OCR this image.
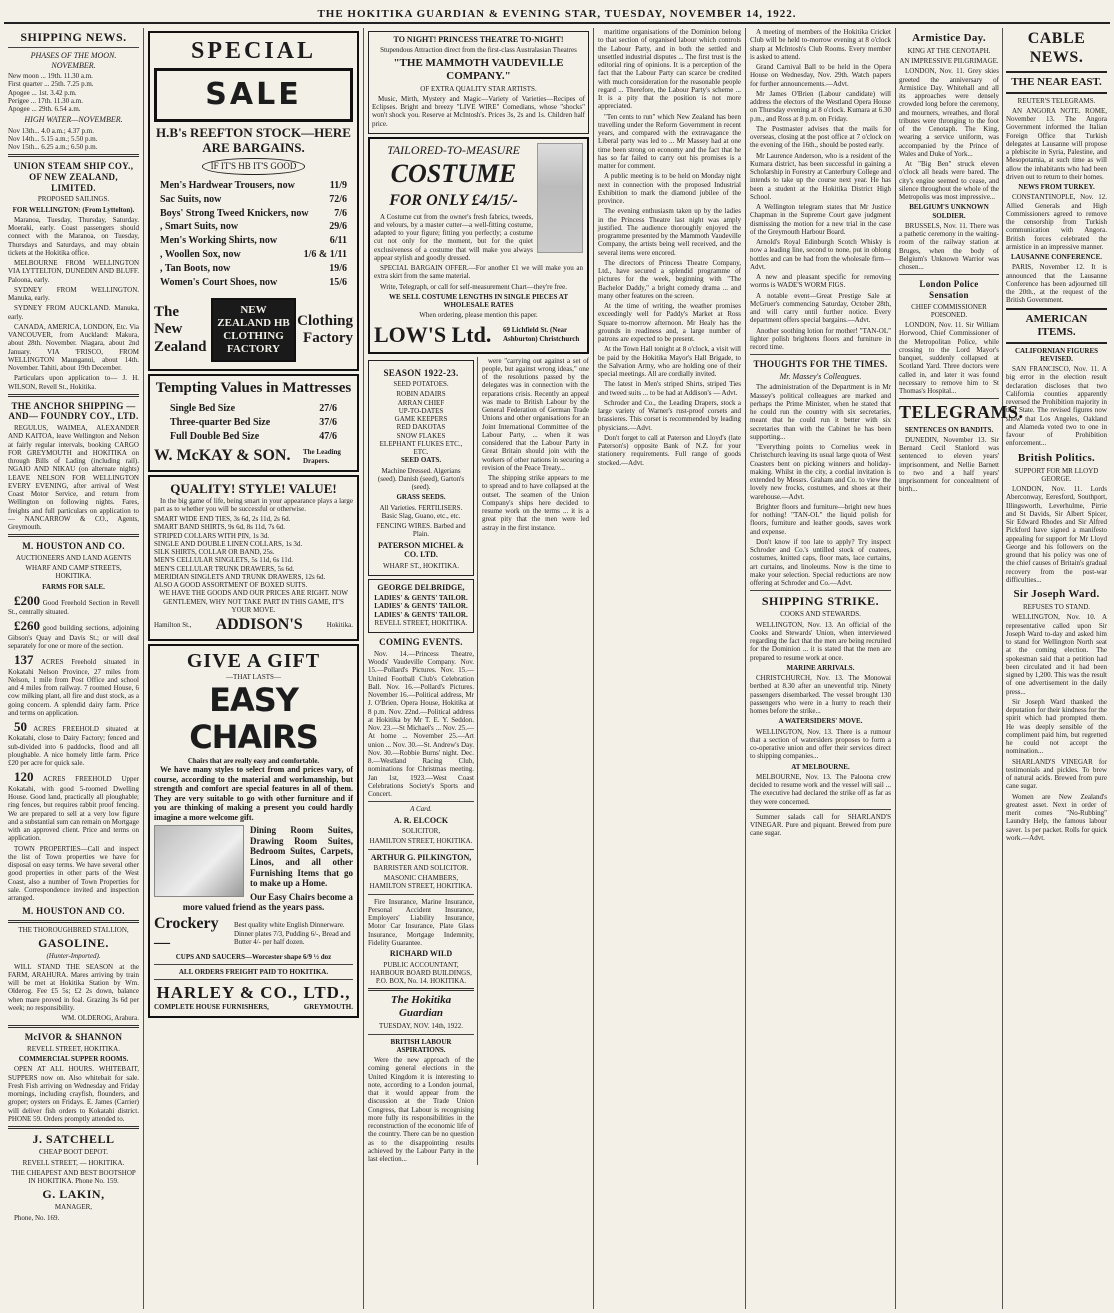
THE HOKITIKA GUARDIAN & EVENING STAR, TUESDAY, NOVEMBER 14, 1922.
SHIPPING NEWS.
PHASES OF THE MOON. NOVEMBER.
New moon ... 19th. 11.30 a.m.
First quarter ... 25th. 7.25 p.m.
Apogee ... 1st. 3.42 p.m.
Perigee ... 17th. 11.30 a.m.
Apogee ... 29th. 6.54 a.m.
HIGH WATER—NOVEMBER.
Nov 13th... 4.0 a.m.; 4.37 p.m.
Nov 14th... 5.15 a.m.; 5.50 p.m.
Nov 15th... 6.25 a.m.; 6.50 p.m.
UNION STEAM SHIP COY., OF NEW ZEALAND, LIMITED.

PROPOSED SAILINGS.

FOR WELLINGTON: (From Lyttelton).

Maranoa, Tuesday, Thursday, Saturday. Moeraki, early. Coast passengers should connect with the Maranoa, on Tuesday, Thursdays and Saturdays, and may obtain tickets at the Hokitika office.

MELBOURNE FROM WELLINGTON VIA LYTTELTON, DUNEDIN AND BLUFF. Paloona, early.

SYDNEY FROM WELLINGTON. Manuka, early.

SYDNEY FROM AUCKLAND. Manuka, early.

CANADA, AMERICA, LONDON, Etc. Via VANCOUVER, from Auckland: Makura, about 28th. November. Niagara, about 2nd January. VIA 'FRISCO, FROM WELLINGTON Maunganui, about 14th. November. Tahiti, about 19th December.

Particulars upon application to— J. H. WILSON, Revell St., Hokitika.

THE ANCHOR SHIPPING —AND— FOUNDRY COY., LTD.

REGULUS, WAIMEA, ALEXANDER AND KAITOA, leave Wellington and Nelson at fairly regular intervals, booking CARGO FOR GREYMOUTH and HOKITIKA on through Bills of Lading (including rail). NGAIO AND NIKAU (on alternate nights) LEAVE NELSON FOR WELLINGTON EVERY EVENING, after arrival of West Coast Motor Service, and return from Wellington on following nights. Fares, freights and full particulars on application to— NANCARROW & CO., Agents, Greymouth.

M. HOUSTON AND CO.

AUCTIONEERS AND LAND AGENTS

WHARF AND CAMP STREETS, HOKITIKA.

FARMS FOR SALE.

£200 Good Freehold Section in Revell St., centrally situated.

£260 good building sections, adjoining Gibson's Quay and Davis St.; or will deal separately for one or more of the section.

137 ACRES Freehold situated in Kokatahi Nelson Province, 27 miles from Nelson, 1 mile from Post Office and school and 4 miles from railway. 7 roomed House, 6 cow milking plant, all fire and dust stock, as a going concern. A splendid dairy farm. Price and terms on application.

50 ACRES FREEHOLD situated at Kokatahi, close to Dairy Factory; fenced and sub-divided into 6 paddocks, flood and all ploughable. A nice homely little farm. Price £20 per acre for quick sale.

120 ACRES FREEHOLD Upper Kokatahi, with good 5-roomed Dwelling House. Good land, practically all ploughable; ring fences, but requires rabbit proof fencing. We are prepared to sell at a very low figure and a substantial sum can remain on Mortgage with an approved client. Price and terms on application.

TOWN PROPERTIES—Call and inspect the list of Town properties we have for disposal on easy terms. We have several other good properties in other parts of the West Coast, also a number of Town Properties for sale. Correspondence invited and inspection arranged.

M. HOUSTON AND CO.

THE THOROUGHBRED STALLION,

GASOLINE.

(Hunter-Imported).

WILL STAND THE SEASON at the FARM, ARAHURA. Mares arriving by train will be met at Hokitika Station by Wm. Olderog. Fee £5 5s; £2 2s down, balance when mare proved in foal. Grazing 3s 6d per week; no responsibility.

WM. OLDEROG, Arahura.

McIVOR & SHANNON

REVELL STREET, HOKITIKA.

COMMERCIAL SUPPER ROOMS.

OPEN AT ALL HOURS. WHITEBAIT, SUPPERS now on. Also whitebait for sale. Fresh Fish arriving on Wednesday and Friday mornings, including crayfish, flounders, and groper; oysters on Fridays. E. James (Carrier) will deliver fish orders to Kokatahi district. PHONE 59. Orders promptly attended to.

J. SATCHELL

CHEAP BOOT DEPOT.

REVELL STREET, — HOKITIKA.

THE CHEAPEST AND BEST BOOTSHOP IN HOKITIKA. Phone No. 159.

G. LAKIN,

MANAGER,

Phone, No. 169.

SPECIAL
SALE
H.B's REEFTON STOCK—HERE ARE BARGAINS.
IF IT'S HB IT'S GOOD
Men's Hardwear Trousers, now	11/9
Sac Suits, now	72/6
Boys' Strong Tweed Knickers, now	7/6
, Smart Suits, now	29/6
Men's Working Shirts, now	6/11
, Woollen Sox, now	1/6 & 1/11
, Tan Boots, now	19/6
Women's Court Shoes, now	15/6
The New Zealand
NEW ZEALAND HB CLOTHING FACTORY
Clothing Factory
Tempting Values in Mattresses
Single Bed Size	27/6
Three-quarter Bed Size	37/6
Full Double Bed Size	47/6
W. McKAY & SON. The Leading Drapers.
QUALITY! STYLE! VALUE!

In the big game of life, being smart in your appearance plays a large part as to whether you will be successful or otherwise.

SMART WIDE END TIES, 3s 6d, 2s 11d, 2s 6d.
SMART BAND SHIRTS, 9s 6d, 8s 11d, 7s 6d.
STRIPED COLLARS WITH PIN, 1s 3d.
SINGLE AND DOUBLE LINEN COLLARS, 1s 3d.
SILK SHIRTS, COLLAR OR BAND, 25s.
MEN'S CELLULAR SINGLETS, 5s 11d, 6s 11d.
MEN'S CELLULAR TRUNK DRAWERS, 5s 6d.
MERIDIAN SINGLETS AND TRUNK DRAWERS, 12s 6d.
ALSO A GOOD ASSORTMENT OF BOXED SUITS.

WE HAVE THE GOODS AND OUR PRICES ARE RIGHT. NOW GENTLEMEN, WHY NOT TAKE PART IN THIS GAME, IT'S YOUR MOVE.

Hamilton St., ADDISON'S	Hokitika.
GIVE A GIFT
—THAT LASTS—
EASY CHAIRS
Chairs that are really easy and comfortable.

We have many styles to select from and prices vary, of course, according to the material and workmanship, but strength and comfort are special features in all of them. They are very suitable to go with other furniture and if you are thinking of making a present you could hardly imagine a more welcome gift.

Dining Room Suites, Drawing Room Suites, Bedroom Suites, Carpets, Linos, and all other Furnishing Items that go to make up a Home.

Our Easy Chairs become a more valued friend as the years pass.

Crockery—
Best quality white English Dinnerware. Dinner plates 7/3, Pudding 6/-, Bread and Butter 4/- per half dozen.

CUPS AND SAUCERS—Worcester shape 6/9 ½ doz

ALL ORDERS FREIGHT PAID TO HOKITIKA.

HARLEY & CO., LTD.,
COMPLETE HOUSE FURNISHERS,	GREYMOUTH.

TO NIGHT! PRINCESS THEATRE TO-NIGHT!

Stupendous Attraction direct from the first-class Australasian Theatres

"THE MAMMOTH VAUDEVILLE COMPANY."

OF EXTRA QUALITY STAR ARTISTS.

Music, Mirth, Mystery and Magic—Variety of Varieties—Recipes of Eclipses. Bright and breezy "LIVE WIRE" Comedians, whose "shocks" won't shock you. Reserve at McIntosh's. Prices 3s, 2s and 1s. Children half price.

TAILORED-TO-MEASURE

COSTUME

FOR ONLY £4/15/-

A Costume cut from the owner's fresh fabrics, tweeds, and velours, by a master cutter—a well-fitting costume, adapted to your figure; fitting you perfectly; a costume cut not only for the moment, but for the quiet exclusiveness of a costume that will make you always appear stylish and goodly dressed.

SPECIAL BARGAIN OFFER.—For another £1 we will make you an extra skirt from the same material.

Write, Telegraph, or call for self-measurement Chart—they're free.

WE SELL COSTUME LENGTHS IN SINGLE PIECES AT WHOLESALE RATES

When ordering, please mention this paper.

LOW'S Ltd. 69 Lichfield St. (Near Ashburton) Christchurch
SEASON 1922-23.

SEED POTATOES.

ROBIN ADAIRS
ARRAN CHIEF
UP-TO-DATES
GAME KEEPERS
RED DAKOTAS
SNOW FLAKES
ELEPHANT FLUKES ETC., ETC.

SEED OATS.

Machine Dressed. Algerians (seed). Danish (seed), Garton's (seed).

GRASS SEEDS.

All Varieties. FERTILISERS. Basic Slag, Guano, etc., etc.

FENCING WIRES. Barbed and Plain.

PATERSON MICHEL & CO. LTD.

WHARF ST., HOKITIKA.

GEORGE DELBRIDGE,

LADIES' & GENTS' TAILOR.
LADIES' & GENTS' TAILOR.
LADIES' & GENTS' TAILOR.

REVELL STREET, HOKITIKA.

COMING EVENTS.

Nov. 14.—Princess Theatre, Woods' Vaudeville Company. Nov. 15.—Pollard's Pictures. Nov. 15.—United Football Club's Celebration Ball. Nov. 16.—Pollard's Pictures. November 16.—Political address, Mr J. O'Brien. Opera House, Hokitika at 8 p.m. Nov. 22nd.—Political address at Hokitika by Mr T. E. Y. Seddon. Nov. 23.—St Michael's ... Nov. 25.—At home ... November 25.—Art union ... Nov. 30.—St. Andrew's Day. Nov. 30.—Robbie Burns' night. Dec. 8.—Westland Racing Club, nominations for Christmas meeting. Jan 1st, 1923.—West Coast Celebrations Society's Sports and Concert.

A Card.

A. R. ELCOCK

SOLICITOR,

HAMILTON STREET, HOKITIKA.

ARTHUR G. PILKINGTON,

BARRISTER AND SOLICITOR.

MASONIC CHAMBERS, HAMILTON STREET, HOKITIKA.

Fire Insurance, Marine Insurance, Personal Accident Insurance, Employers' Liability Insurance, Motor Car Insurance, Plate Glass Insurance, Mortgage Indemnity, Fidelity Guarantee.

RICHARD WILD

PUBLIC ACCOUNTANT, HARBOUR BOARD BUILDINGS, P.O. BOX, No. 14. HOKITIKA.

The Hokitika Guardian

TUESDAY, NOV. 14th, 1922.

BRITISH LABOUR ASPIRATIONS.

Were the new approach of the coming general elections in the United Kingdom it is interesting to note, according to a London journal, that it would appear from the discussion at the Trade Union Congress, that Labour is recognising more fully its responsibilities in the reconstruction of the economic life of the country. There can be no question as to the disappointing results achieved by the Labour Party in the last election...

were "carrying out against a set of people, but against wrong ideas," one of the resolutions passed by the delegates was in connection with the reparations crisis. Recently an appeal was made to British Labour by the General Federation of German Trade Unions and other organisations for an Joint International Committee of the Labour Party, ... when it was considered that the Labour Party in Great Britain should join with the workers of other nations in securing a revision of the Peace Treaty...

The shipping strike appears to me to spread and to have collapsed at the outset. The seamen of the Union Company's ships here decided to resume work on the terms ... it is a great pity that the men were led astray in the first instance.

maritime organisations of the Dominion belong to that section of organised labour which controls the Labour Party, and in both the settled and unsettled industrial disputes ... The first trust is the editorial ring of opinions. It is a perception of the fact that the Labour Party can scarce be credited with much consideration for the reasonable people regard ... Therefore, the Labour Party's scheme ... It is a pity that the position is not more appreciated.

"Ten cents to run" which New Zealand has been travelling under the Reform Government in recent years, and compared with the extravagance the Liberal party was led to ... Mr Massey had at one time been strong on economy and the fact that he has so far failed to carry out his promises is a matter for comment.

A public meeting is to be held on Monday night next in connection with the proposed Industrial Exhibition to mark the diamond jubilee of the province.

The evening enthusiasm taken up by the ladies in the Princess Theatre last night was amply justified. The audience thoroughly enjoyed the programme presented by the Mammoth Vaudeville Company, the artists being well received, and the several items were encored.

The directors of Princess Theatre Company, Ltd., have secured a splendid programme of pictures for the week, beginning with "The Bachelor Daddy," a bright comedy drama ... and many other features on the screen.

At the time of writing, the weather promises exceedingly well for Paddy's Market at Ross Square to-morrow afternoon. Mr Healy has the grounds in readiness and, a large number of patrons are expected to be present.

At the Town Hall tonight at 8 o'clock, a visit will be paid by the Hokitika Mayor's Hall Brigade, to the Salvation Army, who are holding one of their special meetings. All are cordially invited.

The latest in Men's striped Shirts, striped Ties and tweed suits ... to be had at Addison's — Advt.

Schroder and Co., the Leading Drapers, stock a large variety of Warner's rust-proof corsets and brassieres. This corset is recommended by leading physicians.—Advt.

Don't forget to call at Paterson and Lloyd's (late Paterson's) opposite Bank of N.Z. for your stationery requirements. Full range of goods stocked.—Advt.

A meeting of members of the Hokitika Cricket Club will be held to-morrow evening at 8 o'clock sharp at McIntosh's Club Rooms. Every member is asked to attend.

Grand Carnival Ball to be held in the Opera House on Wednesday, Nov. 29th. Watch papers for further announcements.—Advt.

Mr James O'Brien (Labour candidate) will address the electors of the Westland Opera House on Thursday evening at 8 o'clock. Kumara at 6.30 p.m., and Ross at 8 p.m. on Friday.

The Postmaster advises that the mails for overseas, closing at the post office at 7 o'clock on the evening of the 16th., should be posted early.

Mr Laurence Anderson, who is a resident of the Kumara district, has been successful in gaining a Scholarship in Forestry at Canterbury College and intends to take up the course next year. He has been a student at the Hokitika District High School.

A Wellington telegram states that Mr Justice Chapman in the Supreme Court gave judgment dismissing the motion for a new trial in the case of the Greymouth Harbour Board.

Arnold's Royal Edinburgh Scotch Whisky is now a leading line, second to none, put in oblong bottles and can be had from the wholesale firm—Advt.

A new and pleasant specific for removing worms is WADE'S WORM FIGS.

A notable event—Great Prestige Sale at McGruer's commencing Saturday, October 28th, and will carry until further notice. Every department offers special bargains.—Advt.

Another soothing lotion for mother! "TAN-OL" lighter polish brightens floors and furniture in record time.

THOUGHTS FOR THE TIMES.
Mr. Massey's Colleagues.

The administration of the Department is in Mr Massey's political colleagues are marked and perhaps the Prime Minister, when he stated that he could run the country with six secretaries, meant that he could run it better with six secretaries than with the Cabinet he has been supporting...

"Everything points to Cornelius week in Christchurch leaving its usual large quota of West Coasters bent on picking winners and holiday-making. Whilst in the city, a cordial invitation is extended by Messrs. Graham and Co. to view the lovely new frocks, costumes, and shoes at their warehouse.—Advt.

Brighter floors and furniture—bright new hues for nothing! "TAN-OL" the liquid polish for floors, furniture and leather goods, saves work and expense.

Don't know if too late to apply? Try inspect Schroder and Co.'s untilled stock of coatees, costumes, knitted caps, floor mats, lace curtains, art curtains, and linoleums. Now is the time to make your selection. Special reductions are now offering at Schroder and Co.—Advt.

SHIPPING STRIKE.

COOKS AND STEWARDS.

WELLINGTON, Nov. 13. An official of the Cooks and Stewards' Union, when interviewed regarding the fact that the men are being recruited for the Dominion ... it is stated that the men are prepared to resume work at once.

MARINE ARRIVALS.

CHRISTCHURCH, Nov. 13. The Monowai berthed at 8.30 after an uneventful trip. Ninety passengers disembarked. The vessel brought 130 passengers who were in a hurry to reach their homes before the strike...

A WATERSIDERS' MOVE.

WELLINGTON, Nov. 13. There is a rumour that a section of watersiders proposes to form a co-operative union and offer their services direct to shipping companies...

AT MELBOURNE.

MELBOURNE, Nov. 13. The Paloona crew decided to resume work and the vessel will sail ... The executive had declared the strike off as far as they were concerned.

Summer salads call for SHARLAND'S VINEGAR. Pure and piquant. Brewed from pure cane sugar.

Armistice Day.

KING AT THE CENOTAPH.

AN IMPRESSIVE PILGRIMAGE.

LONDON, Nov. 11. Grey skies greeted the anniversary of Armistice Day. Whitehall and all its approaches were densely crowded long before the ceremony, and mourners, wreathes, and floral tributes were thronging to the foot of the Cenotaph. The King, wearing a service uniform, was accompanied by the Prince of Wales and Duke of York...

At "Big Ben" struck eleven o'clock all heads were bared. The city's engine seemed to cease, and silence throughout the whole of the Metropolis was most impressive...

BELGIUM'S UNKNOWN SOLDIER.

BRUSSELS, Nov. 11. There was a pathetic ceremony in the waiting-room of the railway station at Bruges, when the body of Belgium's Unknown Warrior was chosen...

London Police Sensation

CHIEF COMMISSIONER POISONED.

LONDON, Nov. 11. Sir William Horwood, Chief Commissioner of the Metropolitan Police, while crossing to the Lord Mayor's banquet, suddenly collapsed at Scotland Yard. Three doctors were called in, and later it was found necessary to remove him to St Thomas's Hospital...

TELEGRAMS.

SENTENCES ON BANDITS.

DUNEDIN, November 13. Sir Bernard Cecil Stanlord was sentenced to eleven years' imprisonment, and Nellie Barnett to two and a half years' imprisonment for concealment of birth...

CABLE NEWS.
THE NEAR EAST.

REUTER'S TELEGRAMS.

AN ANGORA NOTE. ROME, November 13. The Angora Government informed the Italian Foreign Office that Turkish delegates at Lausanne will propose a plebiscite in Syria, Palestine, and Mesopotamia, at such time as will allow the inhabitants who had been driven out to return to their homes.

NEWS FROM TURKEY.

CONSTANTINOPLE, Nov. 12. Allied Generals and High Commissioners agreed to remove the censorship from Turkish communication with Angora. British forces celebrated the armistice in an impressive manner.

LAUSANNE CONFERENCE.

PARIS, November 12. It is announced that the Lausanne Conference has been adjourned till the 20th., at the request of the British Government.

AMERICAN ITEMS.

CALIFORNIAN FIGURES REVISED.

SAN FRANCISCO, Nov. 11. A big error in the election result declaration discloses that two California counties apparently reversed the Prohibition majority in that State. The revised figures now show that Los Angeles, Oakland and Alameda voted two to one in favour of Prohibition enforcement...

British Politics.

SUPPORT FOR MR LLOYD GEORGE.

LONDON, Nov. 11. Lords Aberconway, Eeresford, Southport, Illingsworth, Leverhulme, Pirrie and St Davids, Sir Albert Spicer, Sir Edward Rhodes and Sir Alfred Pickford have signed a manifesto appealing for support for Mr Lloyd George and his followers on the ground that his policy was one of the chief causes of Britain's gradual recovery from the post-war difficulties...

Sir Joseph Ward.

REFUSES TO STAND.

WELLINGTON, Nov. 10. A representative called upon Sir Joseph Ward to-day and asked him to stand for Wellington North seat at the coming election. The spokesman said that a petition had been circulated and it had been signed by 1,200. This was the result of one advertisement in the daily press...

Sir Joseph Ward thanked the deputation for their kindness for the spirit which had prompted them. He was deeply sensible of the compliment paid him, but regretted he could not accept the nomination...

SHARLAND'S VINEGAR for testimonials and pickles. To brew of natural acids. Brewed from pure cane sugar.

Women are New Zealand's greatest asset. Next in order of merit comes "No-Rubbing" Laundry Help, the famous labour saver. 1s per packet. Rolls for quick work.—Advt.
